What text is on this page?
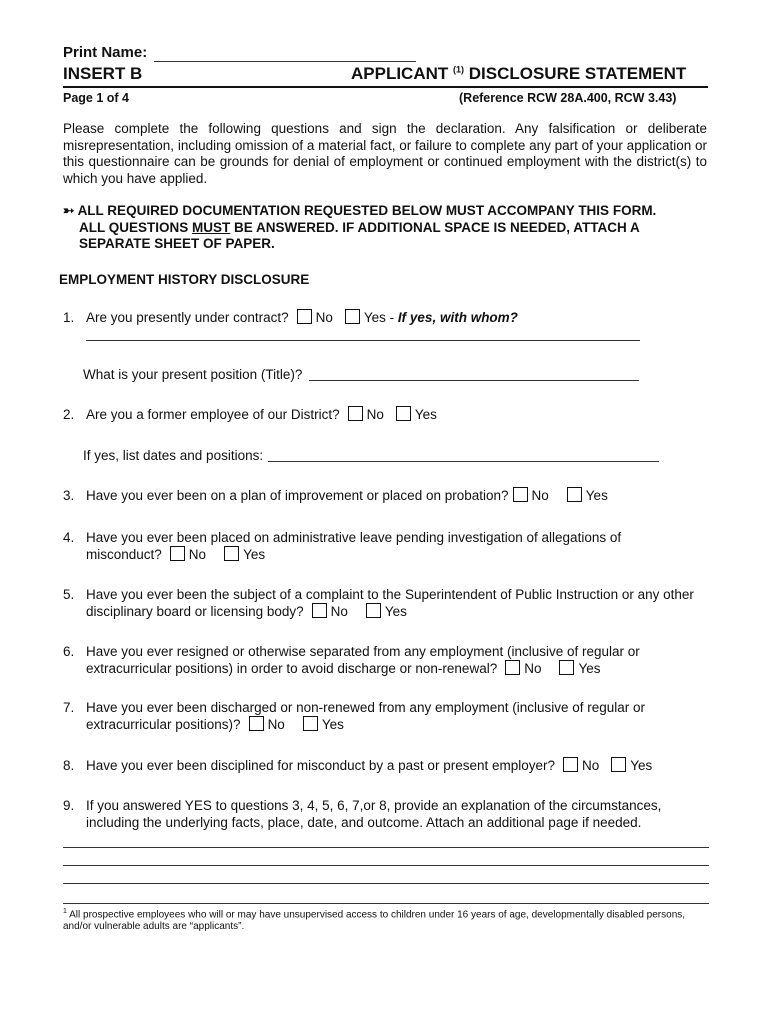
Print Name:
INSERT B	APPLICANT $^{(1)}$ DISCLOSURE STATEMENT
Page 1 of 4	(Reference RCW 28A.400, RCW 3.43)
Please complete the following questions and sign the declaration. Any falsification or deliberate misrepresentation, including omission of a material fact, or failure to complete any part of your application or this questionnaire can be grounds for denial of employment or continued employment with the district(s) to which you have applied.
➳ ALL REQUIRED DOCUMENTATION REQUESTED BELOW MUST ACCOMPANY THIS FORM.
ALL QUESTIONS MUST BE ANSWERED. IF ADDITIONAL SPACE IS NEEDED, ATTACH A
SEPARATE SHEET OF PAPER.
EMPLOYMENT HISTORY DISCLOSURE
1. Are you presently under contract? No Yes - If yes, with whom?
What is your present position (Title)?
2. Are you a former employee of our District? No Yes
If yes, list dates and positions:
3. Have you ever been on a plan of improvement or placed on probation? No	Yes
4. Have you ever been placed on administrative leave pending investigation of allegations of
misconduct? No	Yes
5. Have you ever been the subject of a complaint to the Superintendent of Public Instruction or any other
disciplinary board or licensing body? No	Yes
6. Have you ever resigned or otherwise separated from any employment (inclusive of regular or
extracurricular positions) in order to avoid discharge or non-renewal? No	Yes
7. Have you ever been discharged or non-renewed from any employment (inclusive of regular or
extracurricular positions)? No	Yes
8. Have you ever been disciplined for misconduct by a past or present employer? No Yes
9. If you answered YES to questions 3, 4, 5, 6, 7,or 8, provide an explanation of the circumstances,
including the underlying facts, place, date, and outcome. Attach an additional page if needed.
$^1$ All prospective employees who will or may have unsupervised access to children under 16 years of age, developmentally disabled persons,
and/or vulnerable adults are “applicants”.
